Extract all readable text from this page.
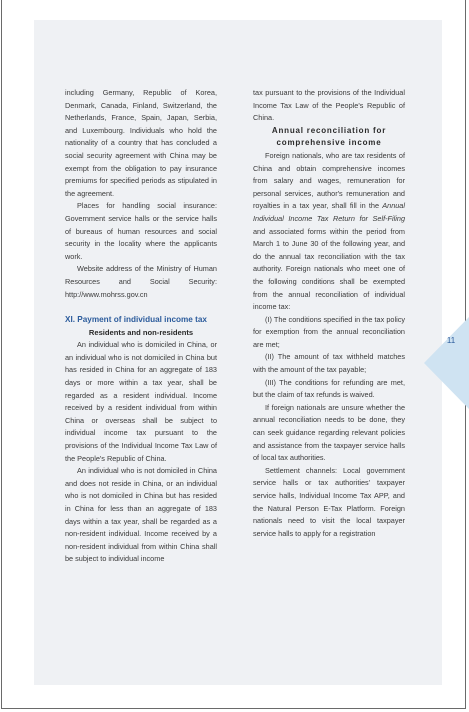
including Germany, Republic of Korea, Denmark, Canada, Finland, Switzerland, the Netherlands, France, Spain, Japan, Serbia, and Luxembourg. Individuals who hold the nationality of a country that has concluded a social security agreement with China may be exempt from the obligation to pay insurance premiums for specified periods as stipulated in the agreement.

Places for handling social insurance: Government service halls or the service halls of bureaus of human resources and social security in the locality where the applicants work.

Website address of the Ministry of Human Resources and Social Security: http://www.mohrss.gov.cn

XI. Payment of individual income tax

Residents and non-residents

An individual who is domiciled in China, or an individual who is not domiciled in China but has resided in China for an aggregate of 183 days or more within a tax year, shall be regarded as a resident individual. Income received by a resident individual from within China or overseas shall be subject to individual income tax pursuant to the provisions of the Individual Income Tax Law of the People's Republic of China.

An individual who is not domiciled in China and does not reside in China, or an individual who is not domiciled in China but has resided in China for less than an aggregate of 183 days within a tax year, shall be regarded as a non-resident individual. Income received by a non-resident individual from within China shall be subject to individual income

tax pursuant to the provisions of the Individual Income Tax Law of the People's Republic of China.

Annual reconciliation for comprehensive income

Foreign nationals, who are tax residents of China and obtain comprehensive incomes from salary and wages, remuneration for personal services, author's remuneration and royalties in a tax year, shall fill in the Annual Individual Income Tax Return for Self-Filing and associated forms within the period from March 1 to June 30 of the following year, and do the annual tax reconciliation with the tax authority. Foreign nationals who meet one of the following conditions shall be exempted from the annual reconciliation of individual income tax:

(I) The conditions specified in the tax policy for exemption from the annual reconciliation are met;

(II) The amount of tax withheld matches with the amount of the tax payable;

(III) The conditions for refunding are met, but the claim of tax refunds is waived.

If foreign nationals are unsure whether the annual reconciliation needs to be done, they can seek guidance regarding relevant policies and assistance from the taxpayer service halls of local tax authorities.

Settlement channels: Local government service halls or tax authorities' taxpayer service halls, Individual Income Tax APP, and the Natural Person E-Tax Platform. Foreign nationals need to visit the local taxpayer service halls to apply for a registration

11
